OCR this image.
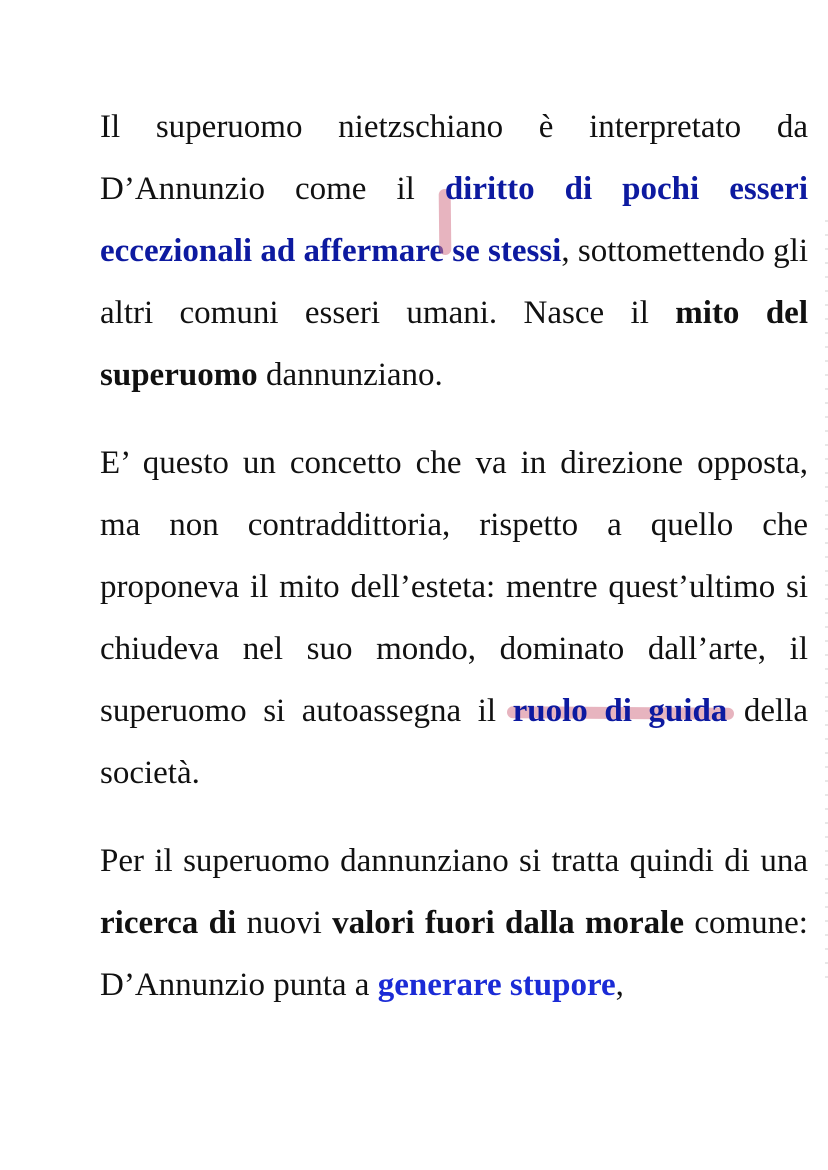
Il superuomo nietzschiano è interpretato da D’Annunzio come il diritto di pochi esseri eccezionali ad affermare se stessi, sottomettendo gli altri comuni esseri umani. Nasce il mito del superuomo dannunziano.

E’ questo un concetto che va in direzione opposta, ma non contraddittoria, rispetto a quello che proponeva il mito dell’esteta: mentre quest’ultimo si chiudeva nel suo mondo, dominato dall’arte, il superuomo si autoassegna il ruolo di guida della società.

Per il superuomo dannunziano si tratta quindi di una ricerca di nuovi valori fuori dalla morale comune: D’Annunzio punta a generare stupore,
